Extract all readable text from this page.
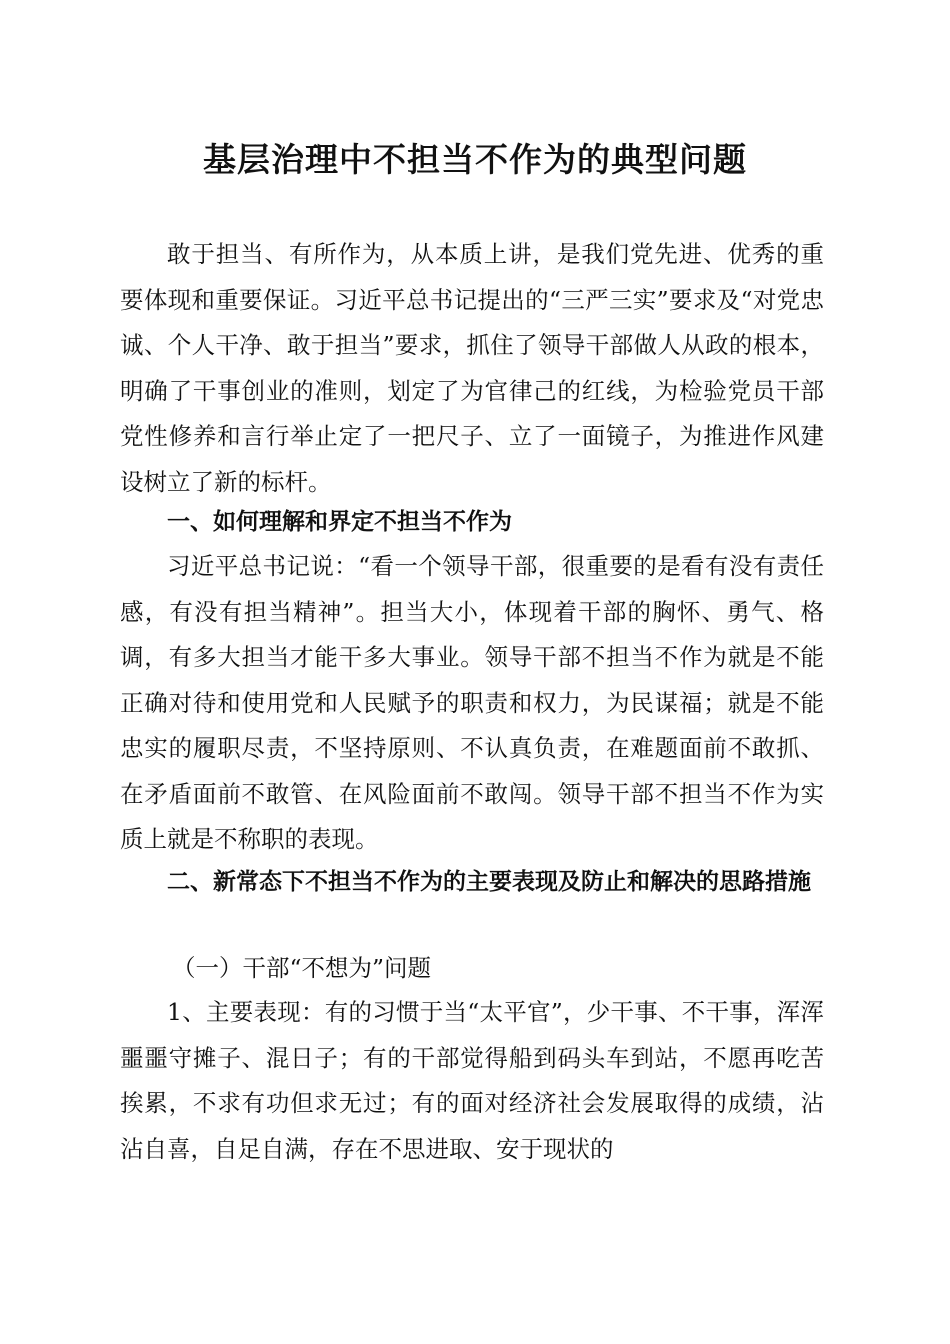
基层治理中不担当不作为的典型问题
敢于担当、有所作为，从本质上讲，是我们党先进、优秀的重要体现和重要保证。习近平总书记提出的“三严三实”要求及“对党忠诚、个人干净、敢于担当”要求，抓住了领导干部做人从政的根本，明确了干事创业的准则，划定了为官律己的红线，为检验党员干部党性修养和言行举止定了一把尺子、立了一面镜子，为推进作风建设树立了新的标杆。
一、如何理解和界定不担当不作为
习近平总书记说：“看一个领导干部，很重要的是看有没有责任感，有没有担当精神”。担当大小，体现着干部的胸怀、勇气、格调，有多大担当才能干多大事业。领导干部不担当不作为就是不能正确对待和使用党和人民赋予的职责和权力，为民谋福；就是不能忠实的履职尽责，不坚持原则、不认真负责，在难题面前不敢抓、在矛盾面前不敢管、在风险面前不敢闯。领导干部不担当不作为实质上就是不称职的表现。
二、新常态下不担当不作为的主要表现及防止和解决的思路措施
（一）干部“不想为”问题
1、主要表现：有的习惯于当“太平官”，少干事、不干事，浑浑噩噩守摊子、混日子；有的干部觉得船到码头车到站，不愿再吃苦挨累，不求有功但求无过；有的面对经济社会发展取得的成绩，沾沾自喜，自足自满，存在不思进取、安于现状的
